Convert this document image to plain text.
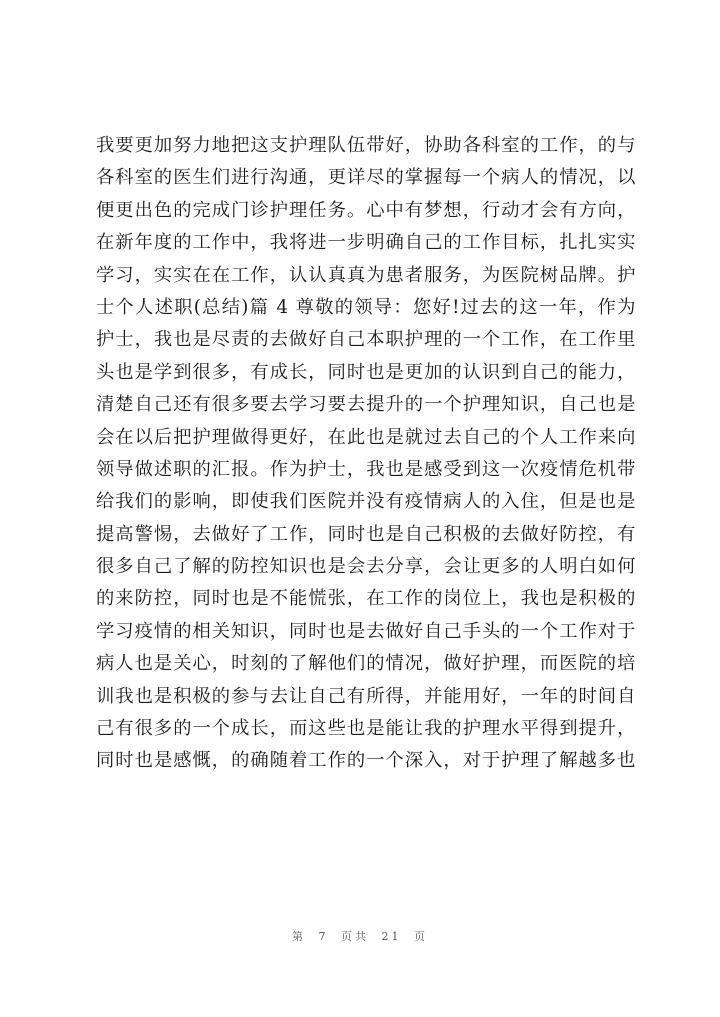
我要更加努力地把这支护理队伍带好，协助各科室的工作，的与
各科室的医生们进行沟通，更详尽的掌握每一个病人的情况，以
便更出色的完成门诊护理任务。心中有梦想，行动才会有方向，
在新年度的工作中，我将进一步明确自己的工作目标，扎扎实实
学习，实实在在工作，认认真真为患者服务，为医院树品牌。护
士个人述职(总结)篇 4 尊敬的领导：您好!过去的这一年，作为
护士，我也是尽责的去做好自己本职护理的一个工作，在工作里
头也是学到很多，有成长，同时也是更加的认识到自己的能力，
清楚自己还有很多要去学习要去提升的一个护理知识，自己也是
会在以后把护理做得更好，在此也是就过去自己的个人工作来向
领导做述职的汇报。作为护士，我也是感受到这一次疫情危机带
给我们的影响，即使我们医院并没有疫情病人的入住，但是也是
提高警惕，去做好了工作，同时也是自己积极的去做好防控，有
很多自己了解的防控知识也是会去分享，会让更多的人明白如何
的来防控，同时也是不能慌张，在工作的岗位上，我也是积极的
学习疫情的相关知识，同时也是去做好自己手头的一个工作对于
病人也是关心，时刻的了解他们的情况，做好护理，而医院的培
训我也是积极的参与去让自己有所得，并能用好，一年的时间自
己有很多的一个成长，而这些也是能让我的护理水平得到提升，
同时也是感慨，的确随着工作的一个深入，对于护理了解越多也
第 7 页共 21 页
